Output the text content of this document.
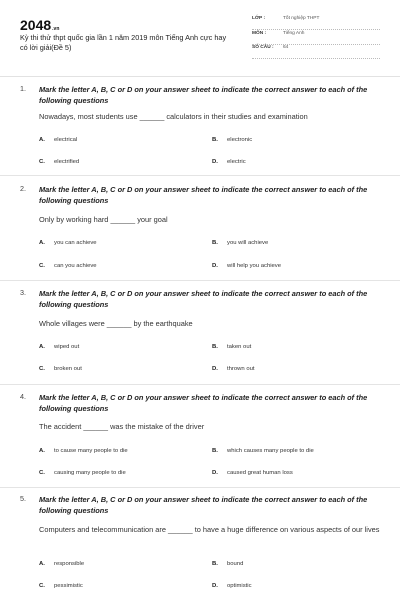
2048.vn
Kỳ thi thử thpt quốc gia lần 1 năm 2019 môn Tiếng Anh cực hay có lời giải(Đề 5)
LỚP :	Tốt nghiệp THPT
MÔN :	Tiếng Anh
SỐ CÂU : 64
1. Mark the letter A, B, C or D on your answer sheet to indicate the correct answer to each of the following questions
Nowadays, most students use ______ calculators in their studies and examination
A. electrical	B. electronic
C. electrified	D. electric
2. Mark the letter A, B, C or D on your answer sheet to indicate the correct answer to each of the following questions
Only by working hard ______ your goal
A. you can achieve	B. you will achieve
C. can you achieve	D. will help you achieve
3. Mark the letter A, B, C or D on your answer sheet to indicate the correct answer to each of the following questions
Whole villages were ______ by the earthquake
A. wiped out	B. taken out
C. broken out	D. thrown out
4. Mark the letter A, B, C or D on your answer sheet to indicate the correct answer to each of the following questions
The accident ______ was the mistake of the driver
A. to cause many people to die	B. which causes many people to die
C. causing many people to die	D. caused great human loss
5. Mark the letter A, B, C or D on your answer sheet to indicate the correct answer to each of the following questions
Computers and telecommunication are ______ to have a huge difference on various aspects of our lives
A. responsible	B. bound
C. pessimistic	D. optimistic
